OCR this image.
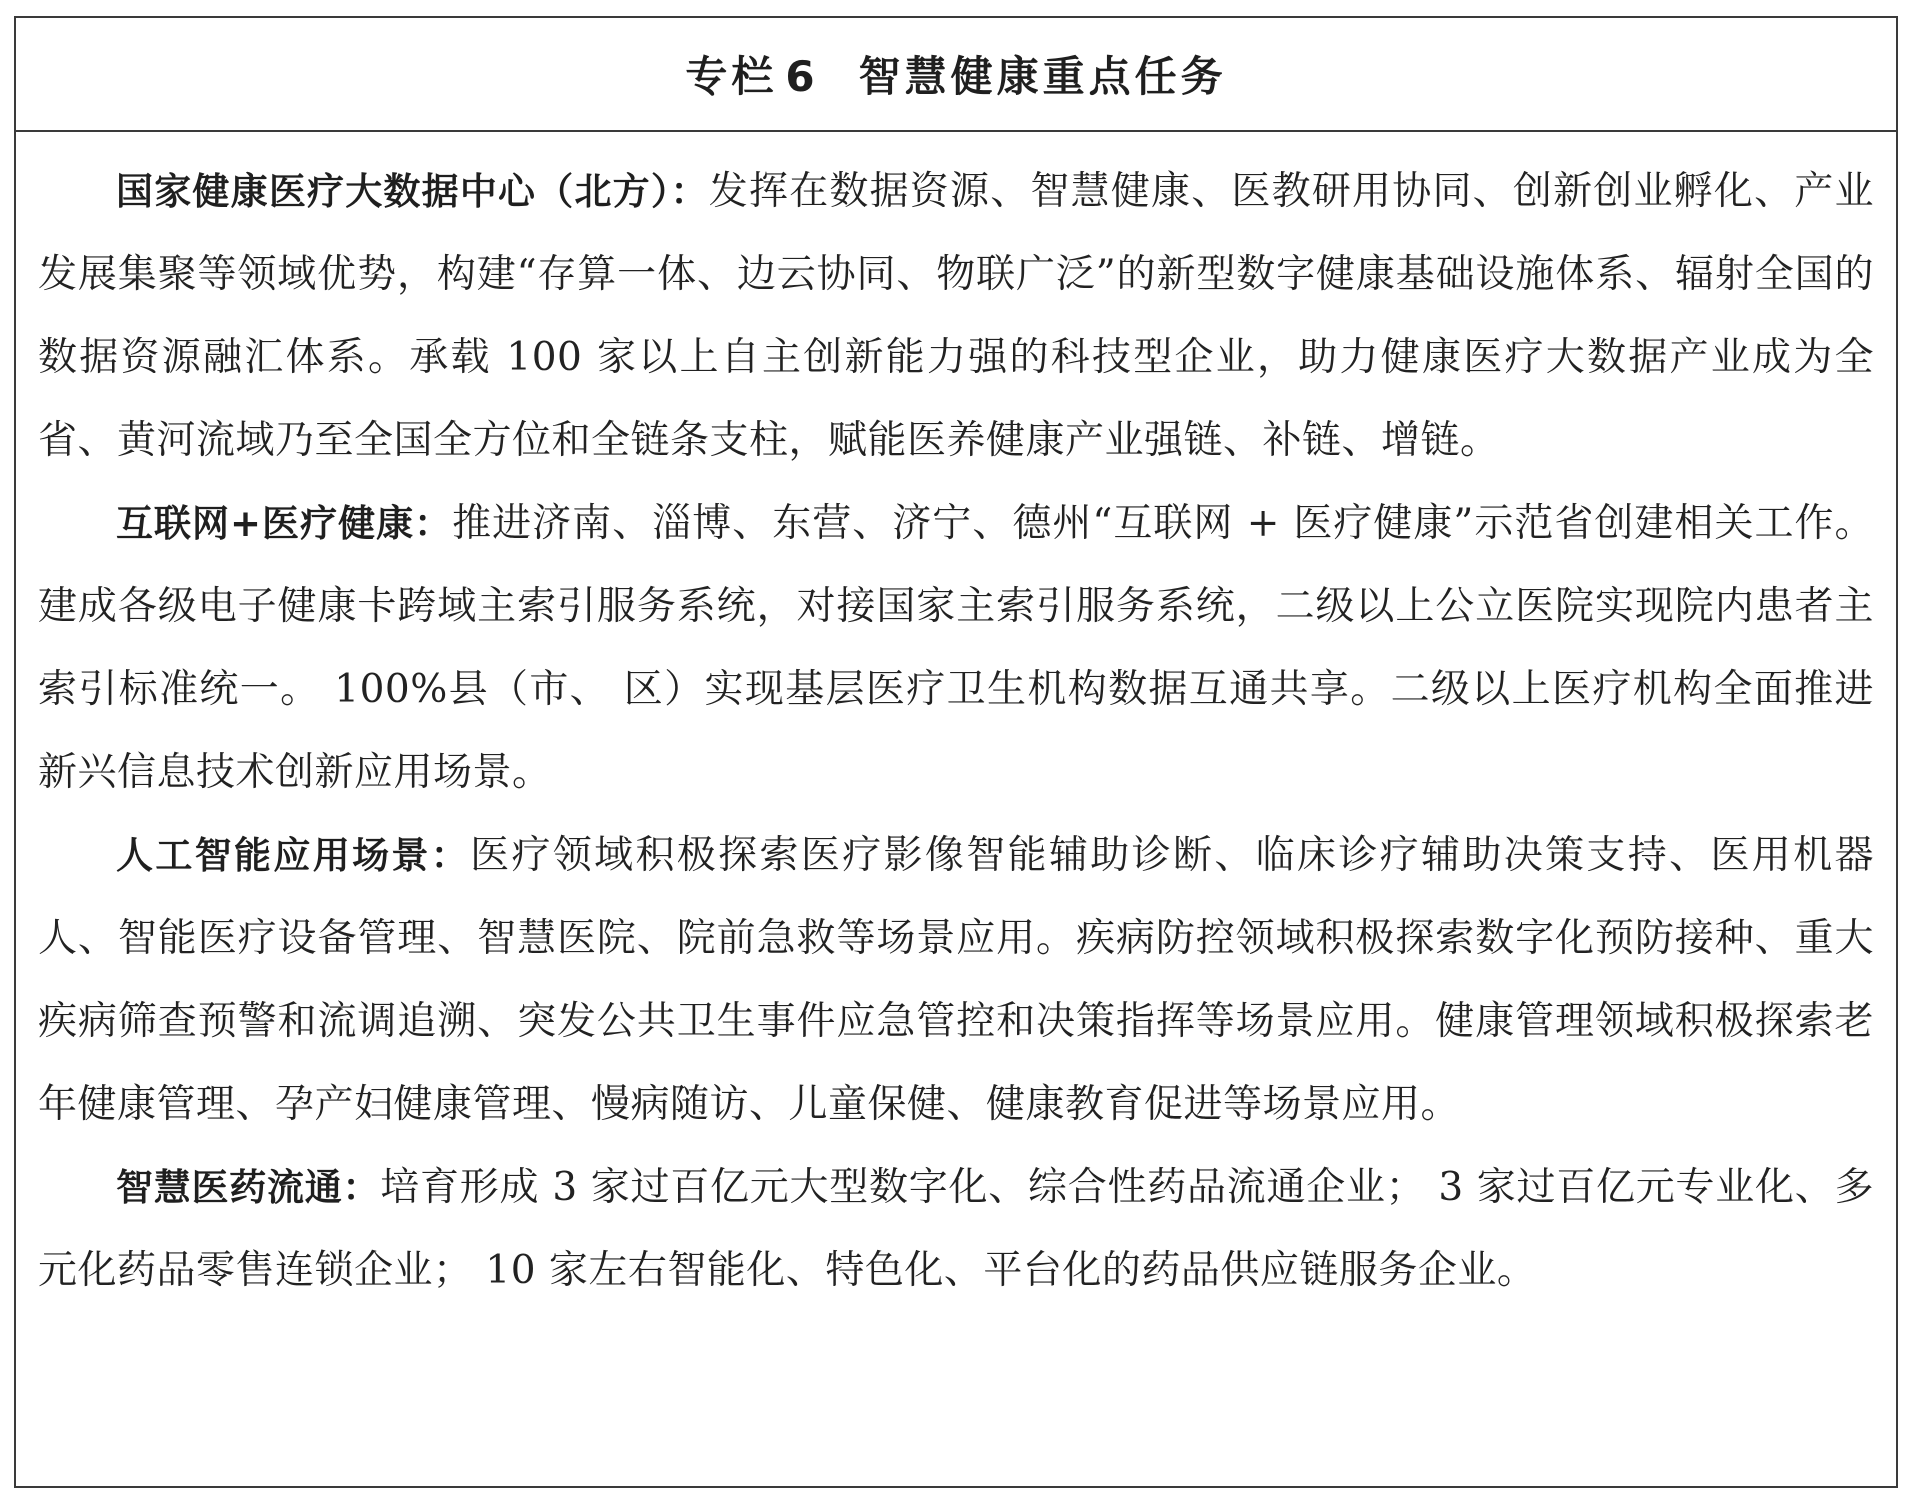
专栏 6 智慧健康重点任务

国家健康医疗大数据中心（北方）：发挥在数据资源、智慧健康、医教研用协同、创新创业孵化、产业发展集聚等领域优势，构建“存算一体、边云协同、物联广泛”的新型数字健康基础设施体系、辐射全国的数据资源融汇体系。承载 100 家以上自主创新能力强的科技型企业，助力健康医疗大数据产业成为全省、黄河流域乃至全国全方位和全链条支柱，赋能医养健康产业强链、补链、增链。

互联网+医疗健康：推进济南、淄博、东营、济宁、德州“互联网 + 医疗健康”示范省创建相关工作。建成各级电子健康卡跨域主索引服务系统，对接国家主索引服务系统，二级以上公立医院实现院内患者主索引标准统一。 100%县（市、 区）实现基层医疗卫生机构数据互通共享。二级以上医疗机构全面推进新兴信息技术创新应用场景。

人工智能应用场景：医疗领域积极探索医疗影像智能辅助诊断、临床诊疗辅助决策支持、医用机器人、智能医疗设备管理、智慧医院、院前急救等场景应用。疾病防控领域积极探索数字化预防接种、重大疾病筛查预警和流调追溯、突发公共卫生事件应急管控和决策指挥等场景应用。健康管理领域积极探索老年健康管理、孕产妇健康管理、慢病随访、儿童保健、健康教育促进等场景应用。

智慧医药流通：培育形成 3 家过百亿元大型数字化、综合性药品流通企业； 3 家过百亿元专业化、多元化药品零售连锁企业； 10 家左右智能化、特色化、平台化的药品供应链服务企业。
